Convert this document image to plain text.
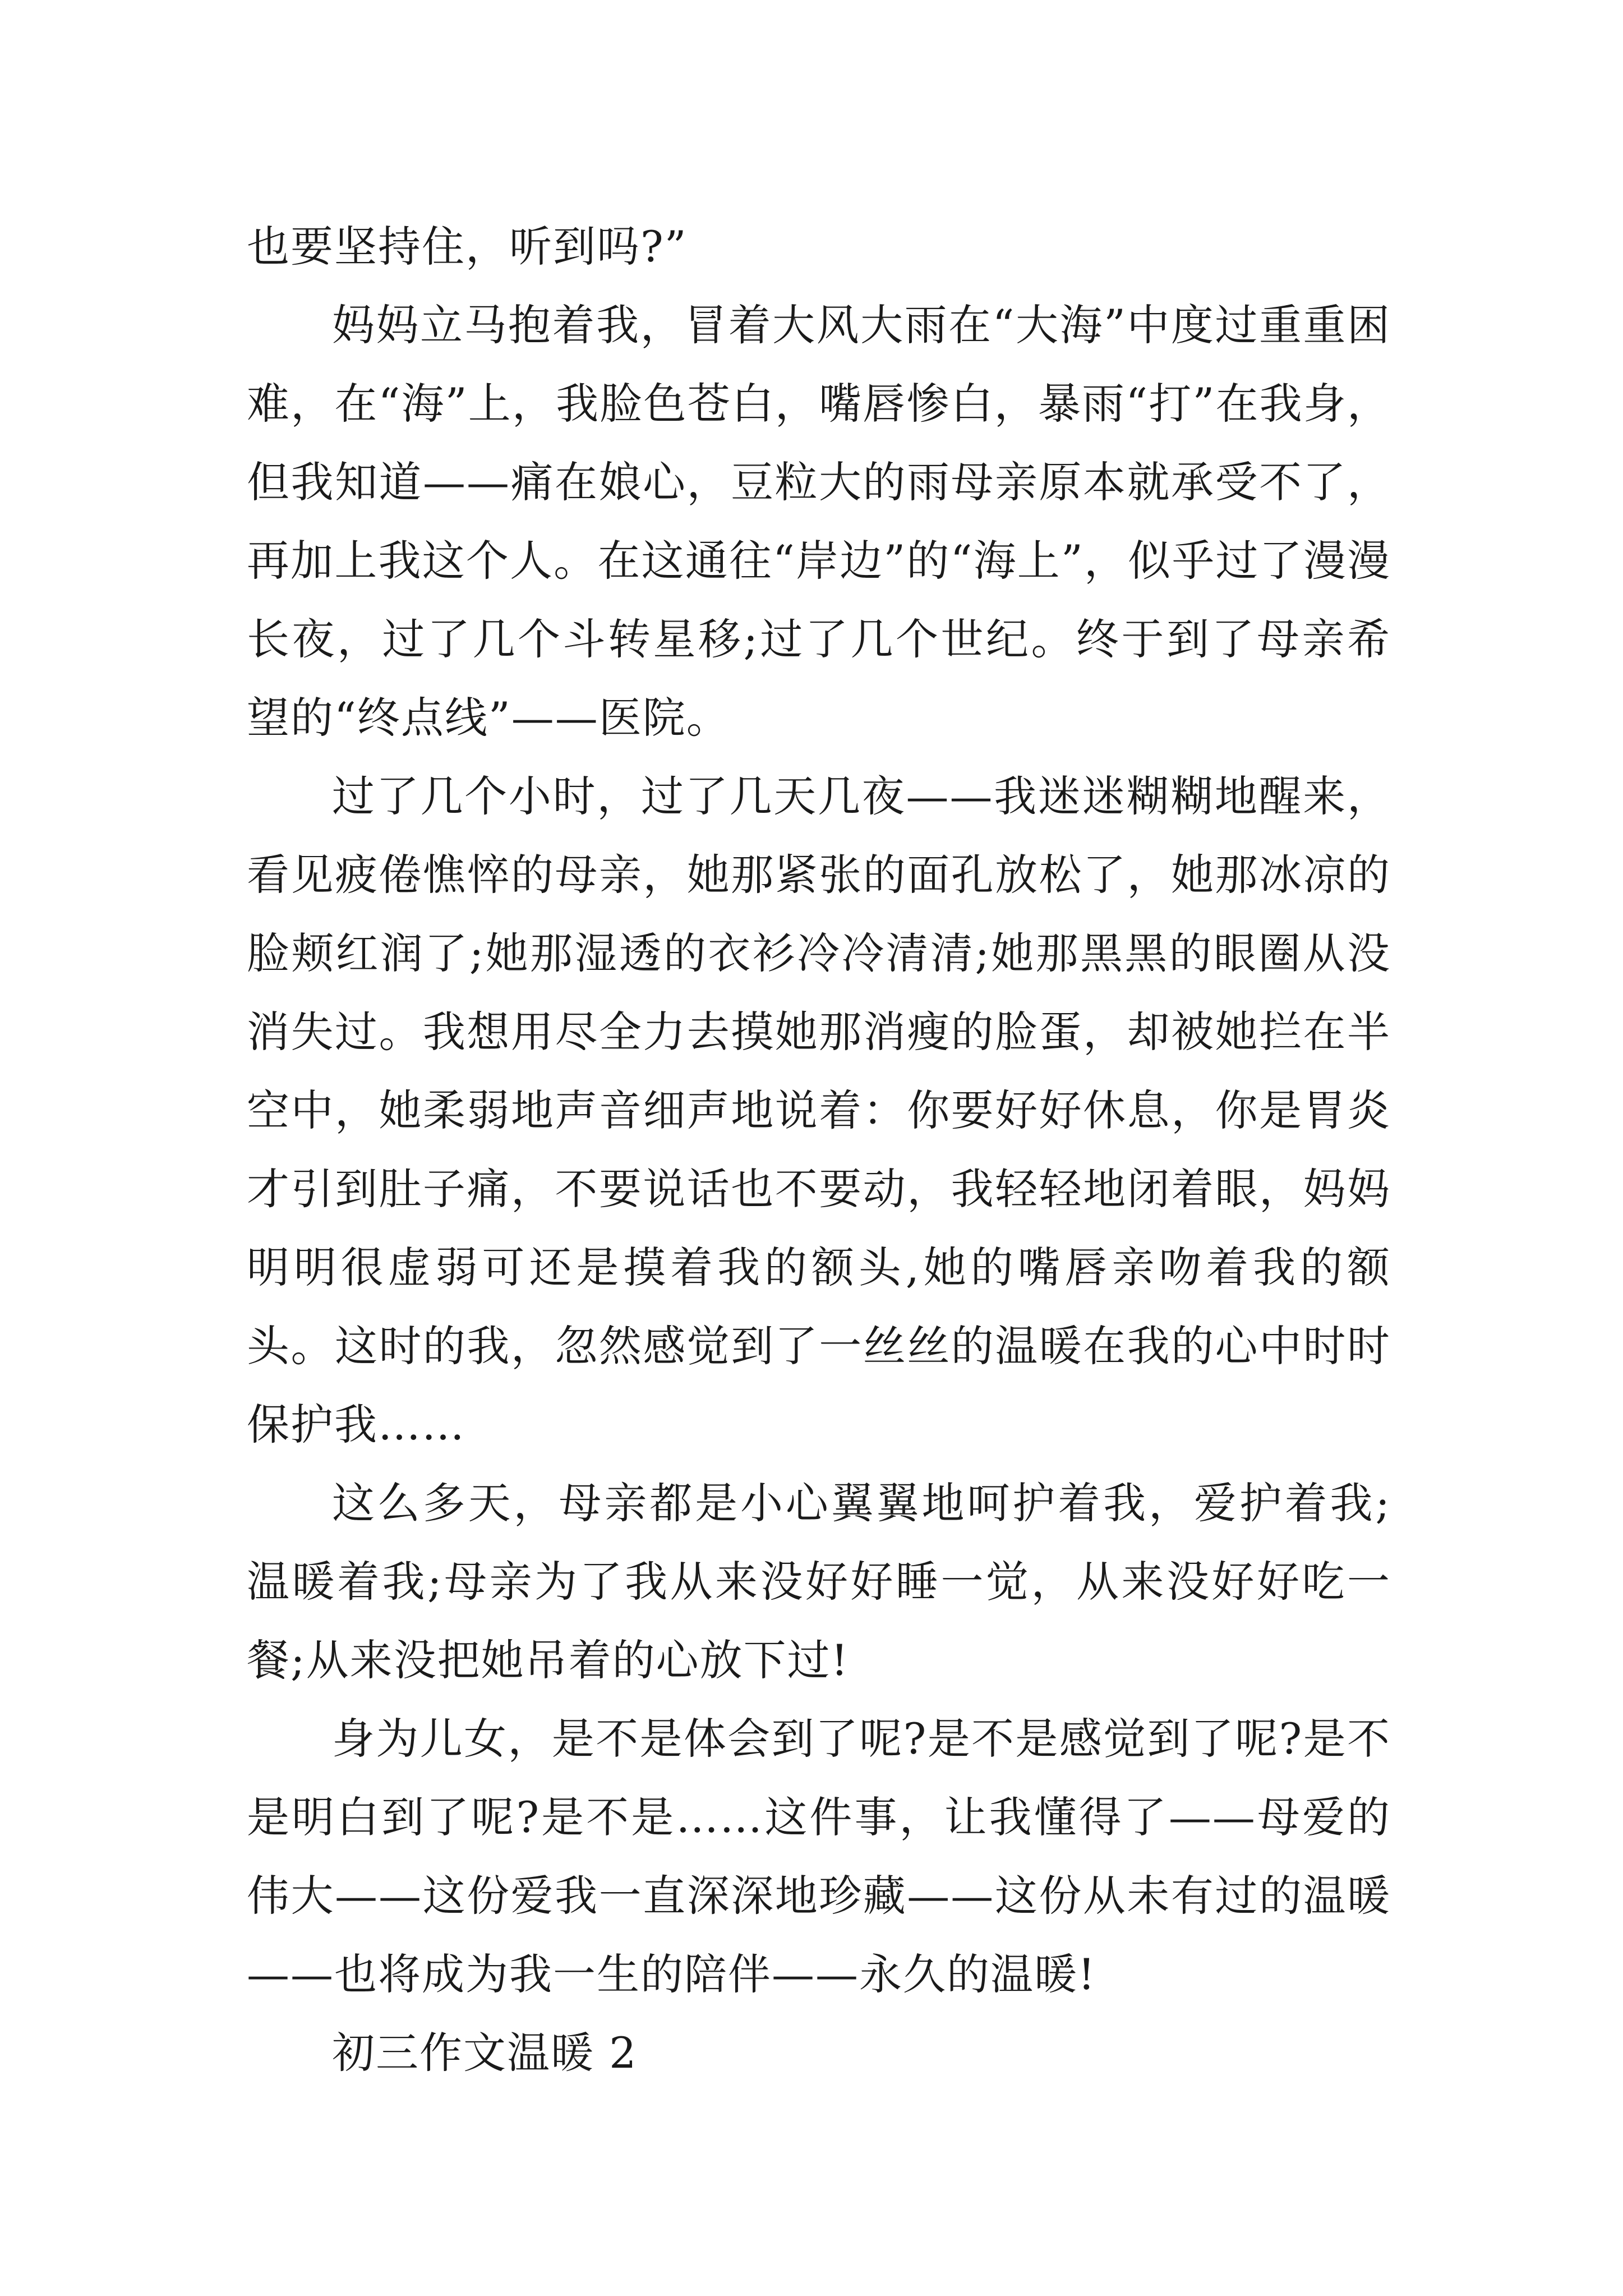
也要坚持住，听到吗?”

妈妈立马抱着我，冒着大风大雨在“大海”中度过重重困难，在“海”上，我脸色苍白，嘴唇惨白，暴雨“打”在我身，但我知道——痛在娘心，豆粒大的雨母亲原本就承受不了，再加上我这个人。在这通往“岸边”的“海上”，似乎过了漫漫长夜，过了几个斗转星移;过了几个世纪。终于到了母亲希望的“终点线”——医院。

过了几个小时，过了几天几夜——我迷迷糊糊地醒来，看见疲倦憔悴的母亲，她那紧张的面孔放松了，她那冰凉的脸颊红润了;她那湿透的衣衫冷冷清清;她那黑黑的眼圈从没消失过。我想用尽全力去摸她那消瘦的脸蛋，却被她拦在半空中，她柔弱地声音细声地说着：你要好好休息，你是胃炎才引到肚子痛，不要说话也不要动，我轻轻地闭着眼，妈妈明明很虚弱可还是摸着我的额头,她的嘴唇亲吻着我的额头。这时的我，忽然感觉到了一丝丝的温暖在我的心中时时保护我……

这么多天，母亲都是小心翼翼地呵护着我，爱护着我;温暖着我;母亲为了我从来没好好睡一觉，从来没好好吃一餐;从来没把她吊着的心放下过!

身为儿女，是不是体会到了呢?是不是感觉到了呢?是不是明白到了呢?是不是……这件事，让我懂得了——母爱的伟大——这份爱我一直深深地珍藏——这份从未有过的温暖——也将成为我一生的陪伴——永久的温暖!

初三作文温暖 2
